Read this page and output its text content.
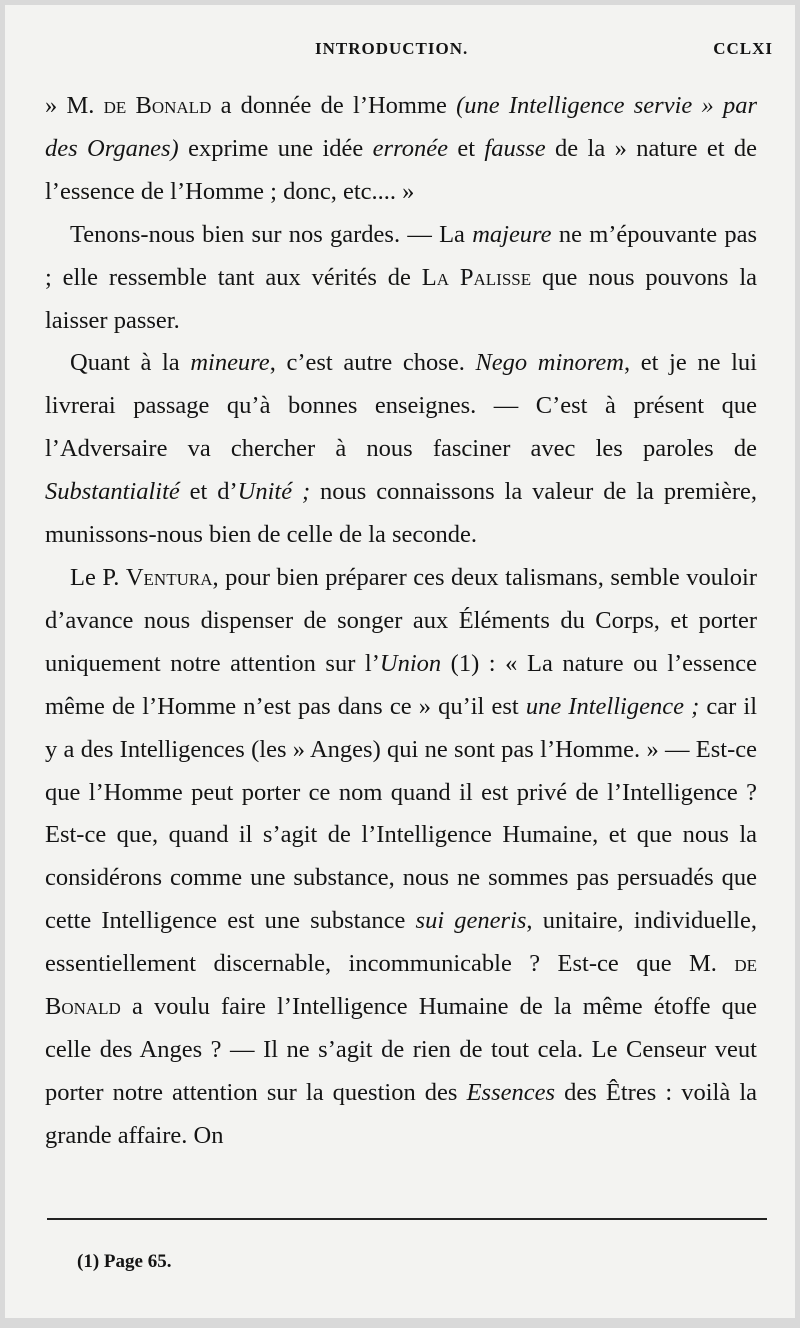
INTRODUCTION.	CCLXI

» M. de Bonald a donnée de l’Homme (une Intelligence servie » par des Organes) exprime une idée erronée et fausse de la » nature et de l’essence de l’Homme ; donc, etc.... »

Tenons-nous bien sur nos gardes. — La majeure ne m’épouvante pas ; elle ressemble tant aux vérités de La Palisse que nous pouvons la laisser passer.

Quant à la mineure, c’est autre chose. Nego minorem, et je ne lui livrerai passage qu’à bonnes enseignes. — C’est à présent que l’Adversaire va chercher à nous fasciner avec les paroles de Substantialité et d’Unité ; nous connaissons la valeur de la première, munissons-nous bien de celle de la seconde.

Le P. Ventura, pour bien préparer ces deux talismans, semble vouloir d’avance nous dispenser de songer aux Éléments du Corps, et porter uniquement notre attention sur l’Union (1) : « La nature ou l’essence même de l’Homme n’est pas dans ce » qu’il est une Intelligence ; car il y a des Intelligences (les » Anges) qui ne sont pas l’Homme. » — Est-ce que l’Homme peut porter ce nom quand il est privé de l’Intelligence ? Est-ce que, quand il s’agit de l’Intelligence Humaine, et que nous la considérons comme une substance, nous ne sommes pas persuadés que cette Intelligence est une substance sui generis, unitaire, individuelle, essentiellement discernable, incommunicable ? Est-ce que M. de Bonald a voulu faire l’Intelligence Humaine de la même étoffe que celle des Anges ? — Il ne s’agit de rien de tout cela. Le Censeur veut porter notre attention sur la question des Essences des Êtres : voilà la grande affaire. On

(1) Page 65.
